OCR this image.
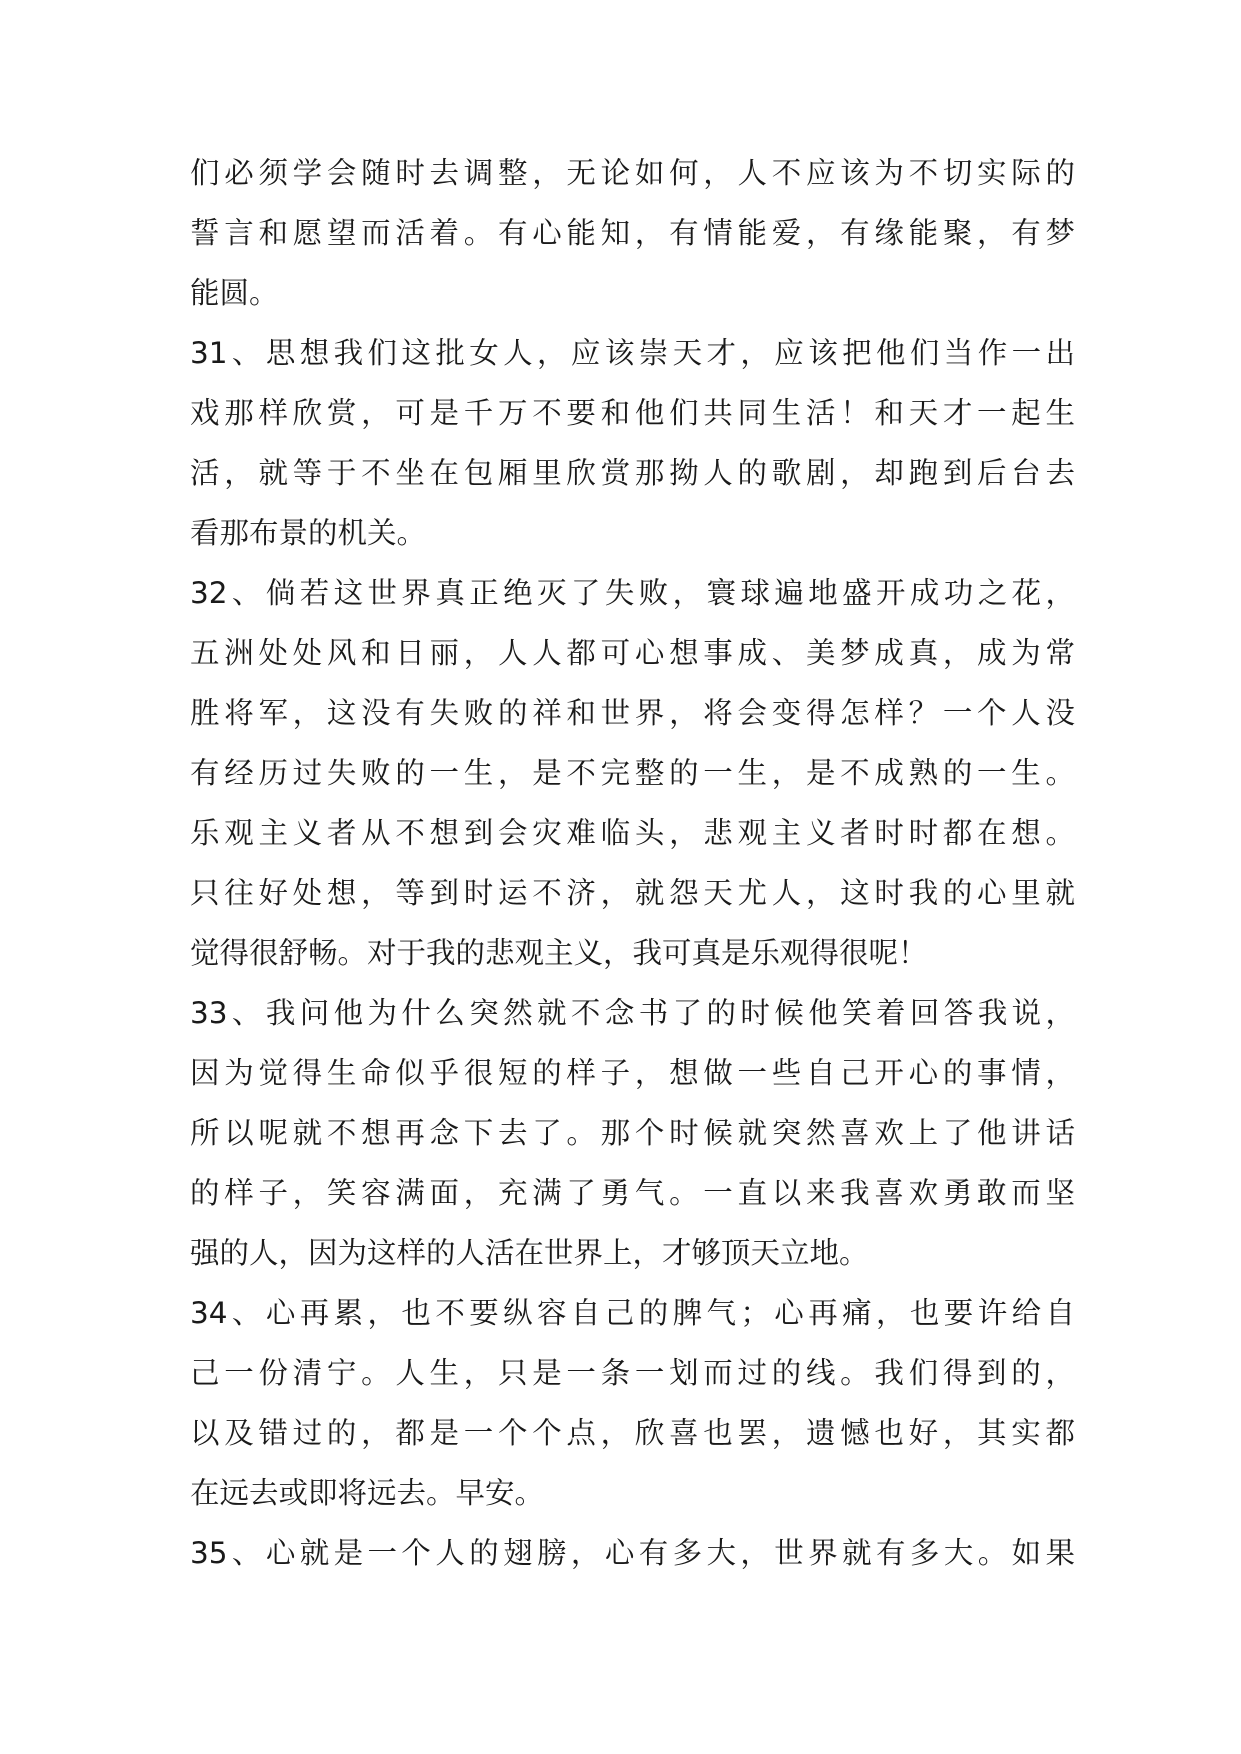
们必须学会随时去调整，无论如何，人不应该为不切实际的
誓言和愿望而活着。有心能知，有情能爱，有缘能聚，有梦
能圆。
31、思想我们这批女人，应该崇天才，应该把他们当作一出
戏那样欣赏，可是千万不要和他们共同生活！和天才一起生
活，就等于不坐在包厢里欣赏那拗人的歌剧，却跑到后台去
看那布景的机关。
32、倘若这世界真正绝灭了失败，寰球遍地盛开成功之花，
五洲处处风和日丽，人人都可心想事成、美梦成真，成为常
胜将军，这没有失败的祥和世界，将会变得怎样？一个人没
有经历过失败的一生，是不完整的一生，是不成熟的一生。
乐观主义者从不想到会灾难临头，悲观主义者时时都在想。
只往好处想，等到时运不济，就怨天尤人，这时我的心里就
觉得很舒畅。对于我的悲观主义，我可真是乐观得很呢！
33、我问他为什么突然就不念书了的时候他笑着回答我说，
因为觉得生命似乎很短的样子，想做一些自己开心的事情，
所以呢就不想再念下去了。那个时候就突然喜欢上了他讲话
的样子，笑容满面，充满了勇气。一直以来我喜欢勇敢而坚
强的人，因为这样的人活在世界上，才够顶天立地。
34、心再累，也不要纵容自己的脾气；心再痛，也要许给自
己一份清宁。人生，只是一条一划而过的线。我们得到的，
以及错过的，都是一个个点，欣喜也罢，遗憾也好，其实都
在远去或即将远去。早安。
35、心就是一个人的翅膀，心有多大，世界就有多大。如果
